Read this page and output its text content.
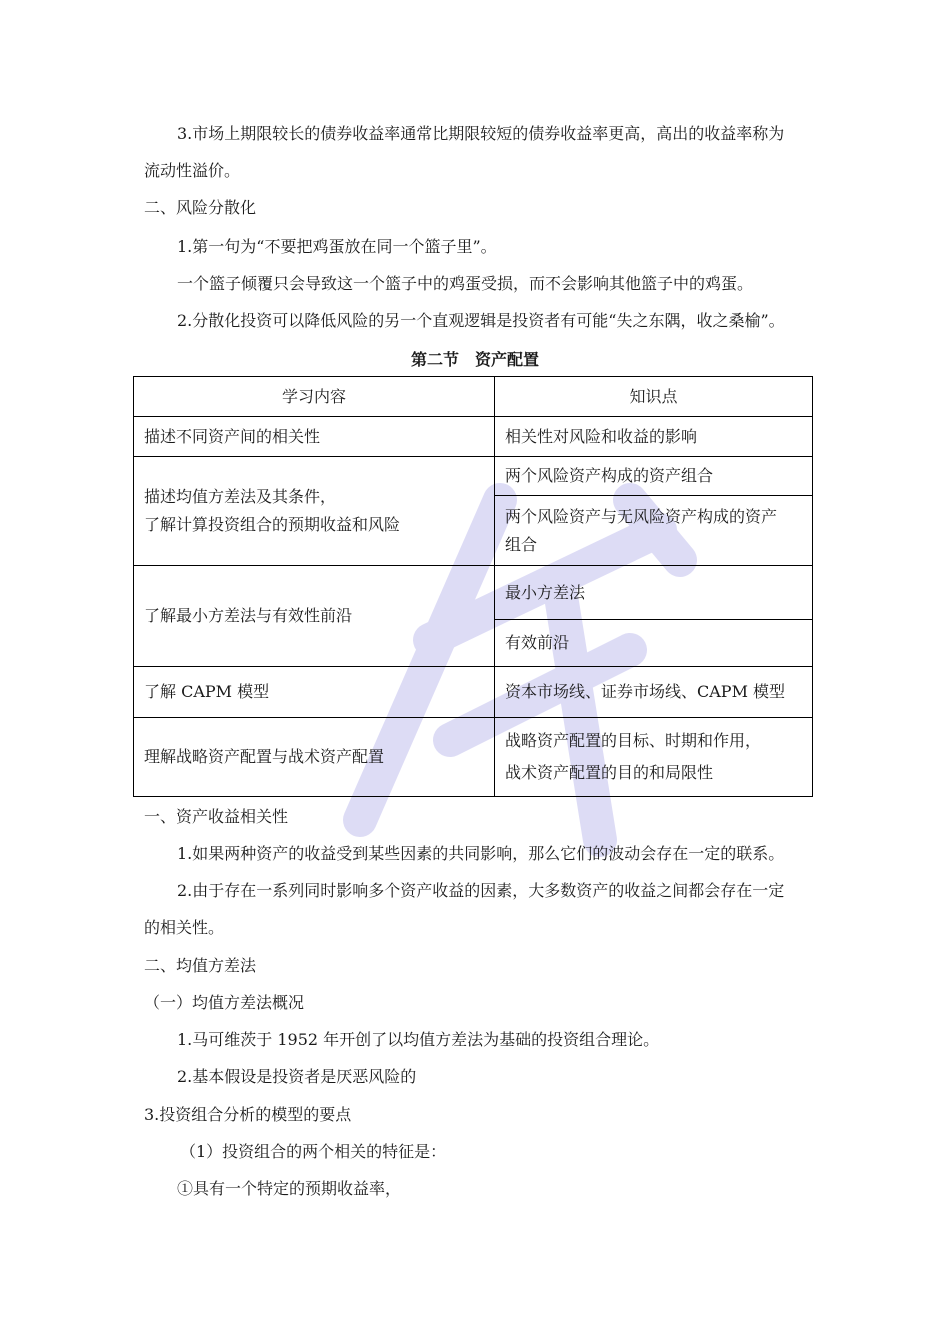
3.市场上期限较长的债券收益率通常比期限较短的债券收益率更高，高出的收益率称为
流动性溢价。
二、风险分散化
1.第一句为“不要把鸡蛋放在同一个篮子里”。
一个篮子倾覆只会导致这一个篮子中的鸡蛋受损，而不会影响其他篮子中的鸡蛋。
2.分散化投资可以降低风险的另一个直观逻辑是投资者有可能“失之东隅，收之桑榆”。
第二节　资产配置
学习内容	知识点
描述不同资产间的相关性	相关性对风险和收益的影响

描述均值方差法及其条件，
了解计算投资组合的预期收益和风险	两个风险资产构成的资产组合

	两个风险资产与无风险资产构成的资产
组合

了解最小方差法与有效性前沿	最小方差法
	有效前沿
了解 CAPM 模型	资本市场线、证券市场线、CAPM 模型
理解战略资产配置与战术资产配置	战略资产配置的目标、时期和作用，
战术资产配置的目的和局限性
一、资产收益相关性
1.如果两种资产的收益受到某些因素的共同影响，那么它们的波动会存在一定的联系。
2.由于存在一系列同时影响多个资产收益的因素，大多数资产的收益之间都会存在一定
的相关性。
二、均值方差法
（一）均值方差法概况
1.马可维茨于 1952 年开创了以均值方差法为基础的投资组合理论。
2.基本假设是投资者是厌恶风险的
3.投资组合分析的模型的要点
（1）投资组合的两个相关的特征是：
①具有一个特定的预期收益率，
